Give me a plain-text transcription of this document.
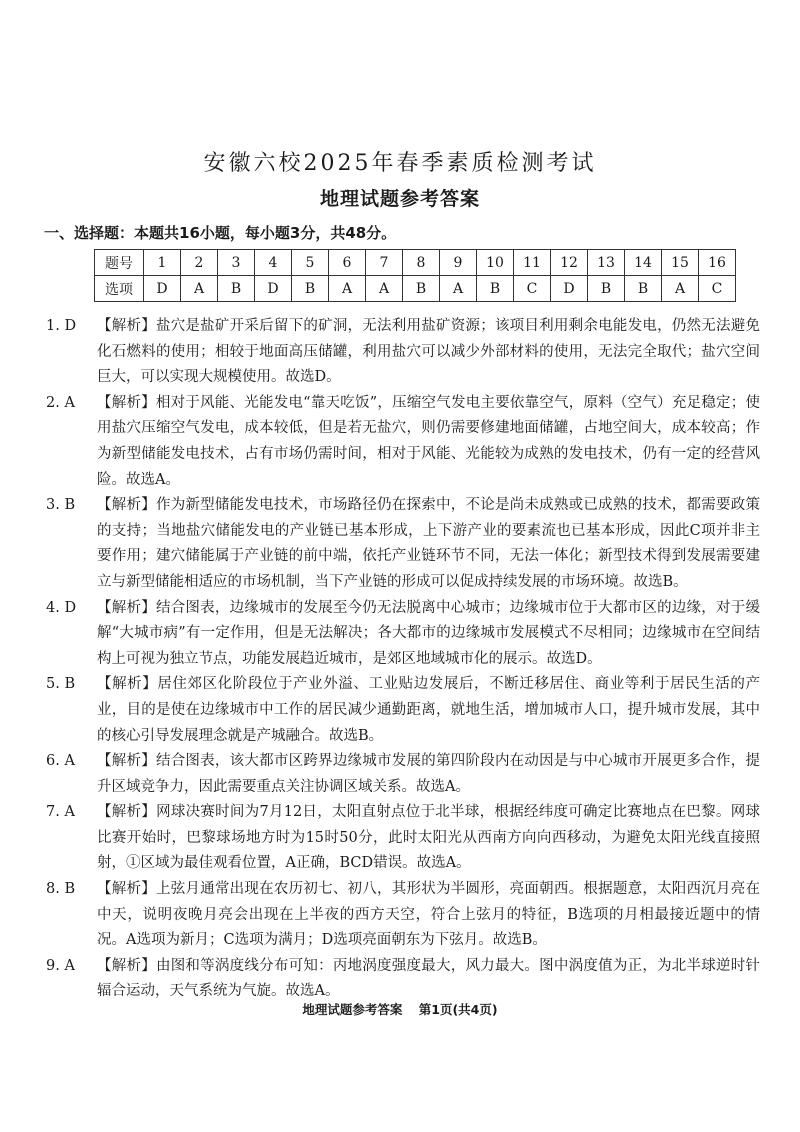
安徽六校2025年春季素质检测考试
地理试题参考答案
一、选择题：本题共16小题，每小题3分，共48分。
题号	1	2	3	4	5	6	7	8	9	10	11	12	13	14	15	16
选项	D	A	B	D	B	A	A	B	A	B	C	D	B	B	A	C
1. D	【解析】盐穴是盐矿开采后留下的矿洞，无法利用盐矿资源；该项目利用剩余电能发电，仍然无法避免化石燃料的使用；相较于地面高压储罐，利用盐穴可以减少外部材料的使用，无法完全取代；盐穴空间巨大，可以实现大规模使用。故选D。
2. A	【解析】相对于风能、光能发电“靠天吃饭”，压缩空气发电主要依靠空气，原料（空气）充足稳定；使用盐穴压缩空气发电，成本较低，但是若无盐穴，则仍需要修建地面储罐，占地空间大，成本较高；作为新型储能发电技术，占有市场仍需时间，相对于风能、光能较为成熟的发电技术，仍有一定的经营风险。故选A。
3. B	【解析】作为新型储能发电技术，市场路径仍在探索中，不论是尚未成熟或已成熟的技术，都需要政策的支持；当地盐穴储能发电的产业链已基本形成，上下游产业的要素流也已基本形成，因此C项并非主要作用；建穴储能属于产业链的前中端，依托产业链环节不同，无法一体化；新型技术得到发展需要建立与新型储能相适应的市场机制，当下产业链的形成可以促成持续发展的市场环境。故选B。
4. D	【解析】结合图表，边缘城市的发展至今仍无法脱离中心城市；边缘城市位于大都市区的边缘，对于缓解“大城市病”有一定作用，但是无法解决；各大都市的边缘城市发展模式不尽相同；边缘城市在空间结构上可视为独立节点，功能发展趋近城市，是郊区地域城市化的展示。故选D。
5. B	【解析】居住郊区化阶段位于产业外溢、工业贴边发展后，不断迁移居住、商业等利于居民生活的产业，目的是使在边缘城市中工作的居民减少通勤距离，就地生活，增加城市人口，提升城市发展，其中的核心引导发展理念就是产城融合。故选B。
6. A	【解析】结合图表，该大都市区跨界边缘城市发展的第四阶段内在动因是与中心城市开展更多合作，提升区域竞争力，因此需要重点关注协调区域关系。故选A。
7. A	【解析】网球决赛时间为7月12日，太阳直射点位于北半球，根据经纬度可确定比赛地点在巴黎。网球比赛开始时，巴黎球场地方时为15时50分，此时太阳光从西南方向向西移动，为避免太阳光线直接照射，①区域为最佳观看位置，A正确，BCD错误。故选A。
8. B	【解析】上弦月通常出现在农历初七、初八，其形状为半圆形，亮面朝西。根据题意，太阳西沉月亮在中天，说明夜晚月亮会出现在上半夜的西方天空，符合上弦月的特征，B选项的月相最接近题中的情况。A选项为新月；C选项为满月；D选项亮面朝东为下弦月。故选B。
9. A	【解析】由图和等涡度线分布可知：丙地涡度强度最大，风力最大。图中涡度值为正，为北半球逆时针辐合运动，天气系统为气旋。故选A。
地理试题参考答案 第1页(共4页)
